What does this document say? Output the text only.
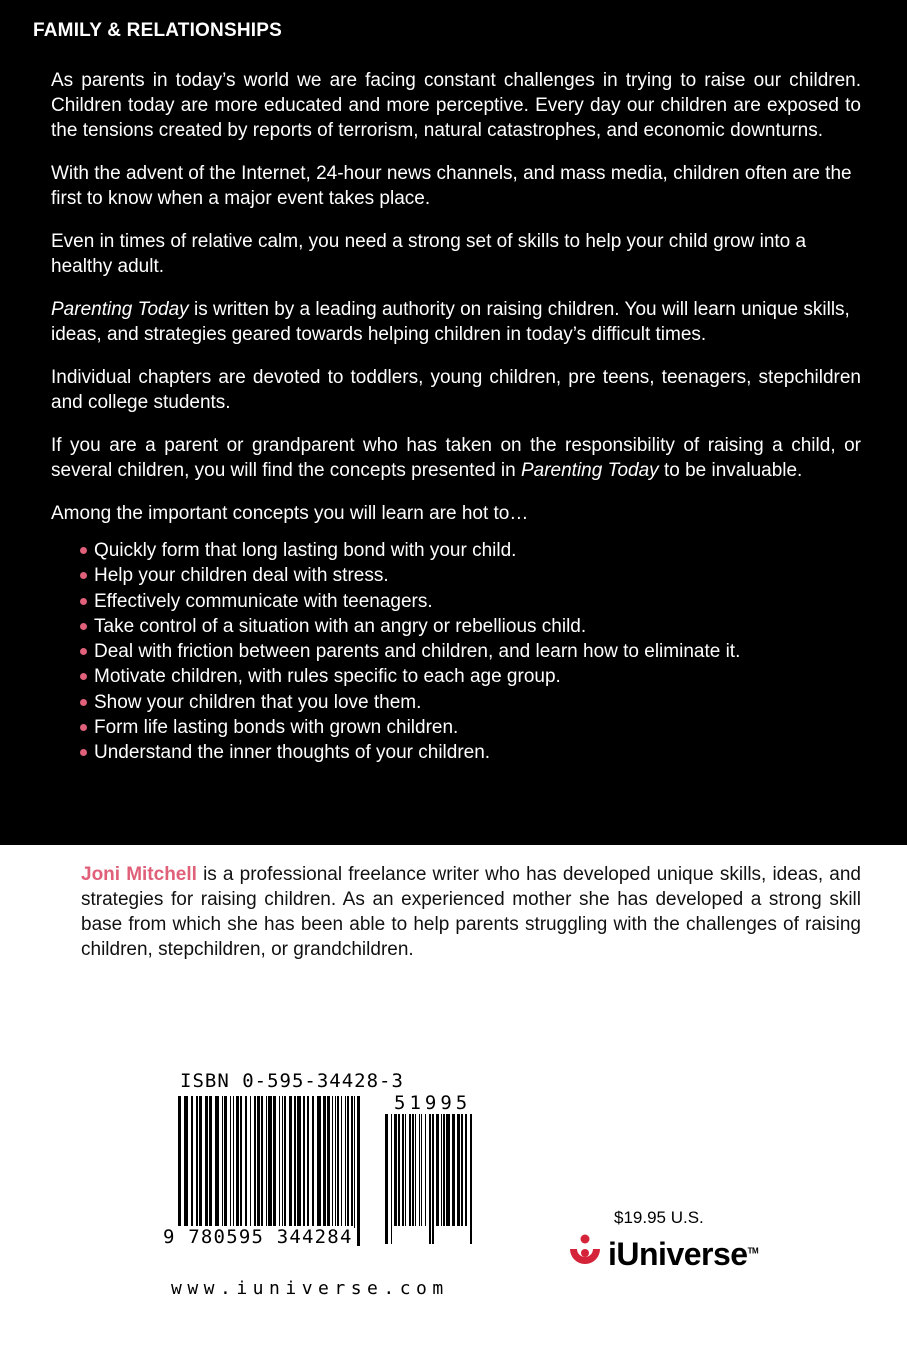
FAMILY & RELATIONSHIPS

As parents in today’s world we are facing constant challenges in trying to raise our children. Children today are more educated and more perceptive. Every day our children are exposed to the tensions created by reports of terrorism, natural catastrophes, and economic downturns.

With the advent of the Internet, 24-hour news channels, and mass media, children often are the first to know when a major event takes place.

Even in times of relative calm, you need a strong set of skills to help your child grow into a healthy adult.

Parenting Today is written by a leading authority on raising children. You will learn unique skills, ideas, and strategies geared towards helping children in today’s difficult times.

Individual chapters are devoted to toddlers, young children, pre teens, teenagers, stepchildren and college students.

If you are a parent or grandparent who has taken on the responsibility of raising a child, or several children, you will find the concepts presented in Parenting Today to be invaluable.

Among the important concepts you will learn are hot to…

Quickly form that long lasting bond with your child.
Help your children deal with stress.
Effectively communicate with teenagers.
Take control of a situation with an angry or rebellious child.
Deal with friction between parents and children, and learn how to eliminate it.
Motivate children, with rules specific to each age group.
Show your children that you love them.
Form life lasting bonds with grown children.
Understand the inner thoughts of your children.
Joni Mitchell is a professional freelance writer who has developed unique skills, ideas, and strategies for raising children. As an experienced mother she has developed a strong skill base from which she has been able to help parents struggling with the challenges of raising children, stepchildren, or grandchildren.
ISBN 0-595-34428-3
9 780595 344284
51995
www.iuniverse.com
$19.95 U.S.
iUniverse™
